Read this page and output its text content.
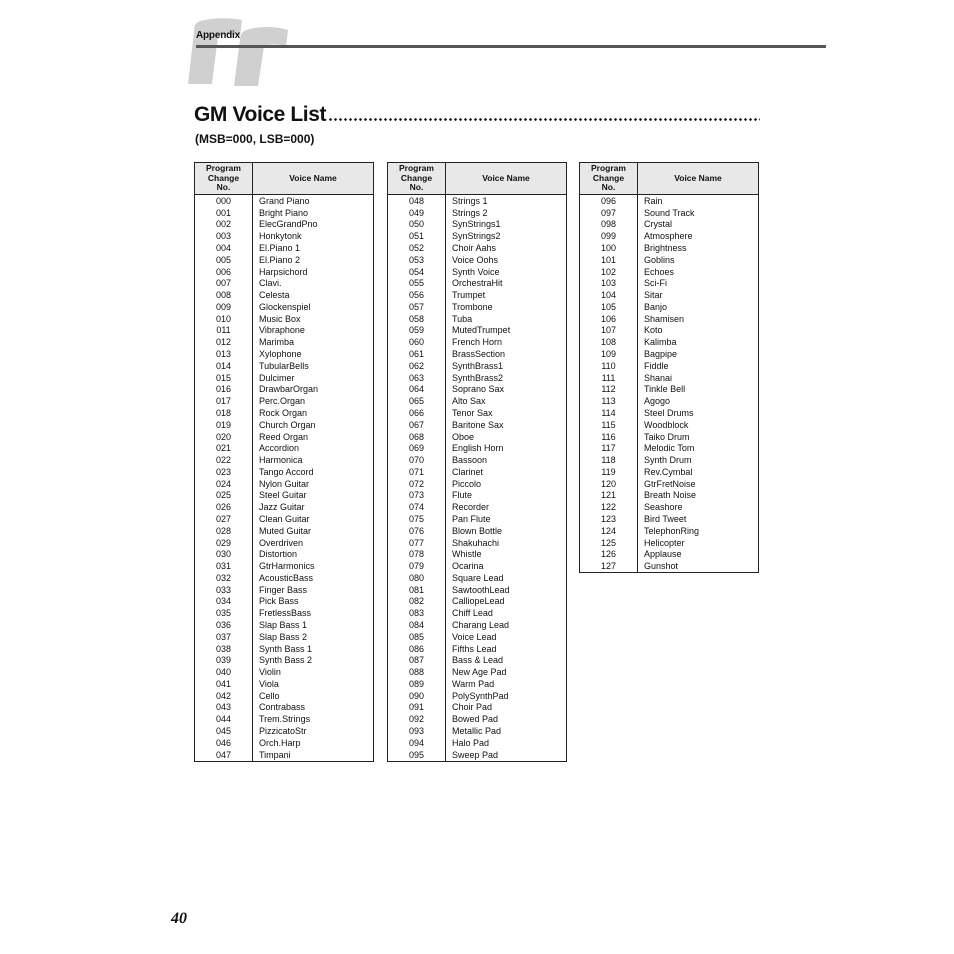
Appendix
GM Voice List
(MSB=000, LSB=000)
Program
Change
No.	Voice Name
000	Grand Piano
001	Bright Piano
002	ElecGrandPno
003	Honkytonk
004	El.Piano 1
005	El.Piano 2
006	Harpsichord
007	Clavi.
008	Celesta
009	Glockenspiel
010	Music Box
011	Vibraphone
012	Marimba
013	Xylophone
014	TubularBells
015	Dulcimer
016	DrawbarOrgan
017	Perc.Organ
018	Rock Organ
019	Church Organ
020	Reed Organ
021	Accordion
022	Harmonica
023	Tango Accord
024	Nylon Guitar
025	Steel Guitar
026	Jazz Guitar
027	Clean Guitar
028	Muted Guitar
029	Overdriven
030	Distortion
031	GtrHarmonics
032	AcousticBass
033	Finger Bass
034	Pick Bass
035	FretlessBass
036	Slap Bass 1
037	Slap Bass 2
038	Synth Bass 1
039	Synth Bass 2
040	Violin
041	Viola
042	Cello
043	Contrabass
044	Trem.Strings
045	PizzicatoStr
046	Orch.Harp
047	Timpani
Program
Change
No.	Voice Name
048	Strings 1
049	Strings 2
050	SynStrings1
051	SynStrings2
052	Choir Aahs
053	Voice Oohs
054	Synth Voice
055	OrchestraHit
056	Trumpet
057	Trombone
058	Tuba
059	MutedTrumpet
060	French Horn
061	BrassSection
062	SynthBrass1
063	SynthBrass2
064	Soprano Sax
065	Alto Sax
066	Tenor Sax
067	Baritone Sax
068	Oboe
069	English Horn
070	Bassoon
071	Clarinet
072	Piccolo
073	Flute
074	Recorder
075	Pan Flute
076	Blown Bottle
077	Shakuhachi
078	Whistle
079	Ocarina
080	Square Lead
081	SawtoothLead
082	CalliopeLead
083	Chiff Lead
084	Charang Lead
085	Voice Lead
086	Fifths Lead
087	Bass & Lead
088	New Age Pad
089	Warm Pad
090	PolySynthPad
091	Choir Pad
092	Bowed Pad
093	Metallic Pad
094	Halo Pad
095	Sweep Pad
Program
Change
No.	Voice Name
096	Rain
097	Sound Track
098	Crystal
099	Atmosphere
100	Brightness
101	Goblins
102	Echoes
103	Sci-Fi
104	Sitar
105	Banjo
106	Shamisen
107	Koto
108	Kalimba
109	Bagpipe
110	Fiddle
111	Shanai
112	Tinkle Bell
113	Agogo
114	Steel Drums
115	Woodblock
116	Taiko Drum
117	Melodic Tom
118	Synth Drum
119	Rev.Cymbal
120	GtrFretNoise
121	Breath Noise
122	Seashore
123	Bird Tweet
124	TelephonRing
125	Helicopter
126	Applause
127	Gunshot
40
